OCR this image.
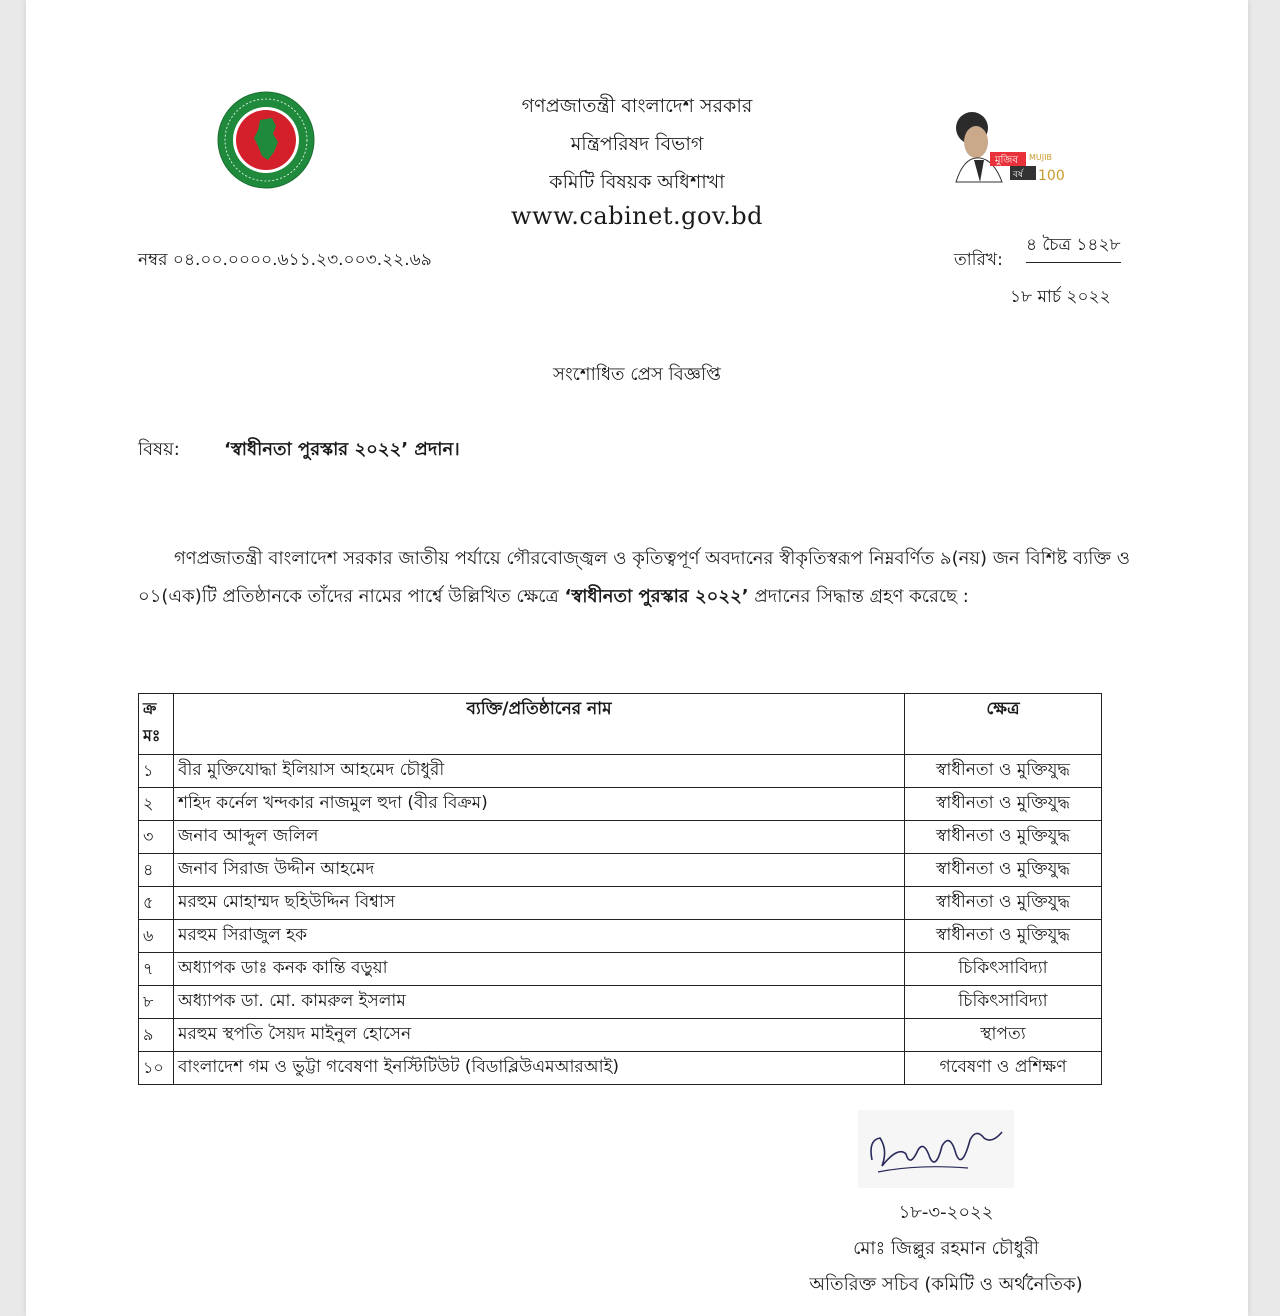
গণপ্রজাতন্ত্রী বাংলাদেশ সরকার
মন্ত্রিপরিষদ বিভাগ
কমিটি বিষয়ক অধিশাখা
www.cabinet.gov.bd
মুজিব MUJIB
বর্ষ 100
নম্বর ০৪.০০.০০০০.৬১১.২৩.০০৩.২২.৬৯	তারিখ:
৪ চৈত্র ১৪২৮
১৮ মার্চ ২০২২
সংশোধিত প্রেস বিজ্ঞপ্তি
বিষয়: ‘স্বাধীনতা পুরস্কার ২০২২’ প্রদান।
গণপ্রজাতন্ত্রী বাংলাদেশ সরকার জাতীয় পর্যায়ে গৌরবোজ্জ্বল ও কৃতিত্বপূর্ণ অবদানের স্বীকৃতিস্বরূপ নিম্নবর্ণিত ৯(নয়) জন বিশিষ্ট ব্যক্তি ও ০১(এক)টি প্রতিষ্ঠানকে তাঁদের নামের পার্শ্বে উল্লিখিত ক্ষেত্রে ‘স্বাধীনতা পুরস্কার ২০২২’ প্রদানের সিদ্ধান্ত গ্রহণ করেছে :
ক্র মঃ	ব্যক্তি/প্রতিষ্ঠানের নাম	ক্ষেত্র
১	বীর মুক্তিযোদ্ধা ইলিয়াস আহমেদ চৌধুরী	স্বাধীনতা ও মুক্তিযুদ্ধ
২	শহিদ কর্নেল খন্দকার নাজমুল হুদা (বীর বিক্রম)	স্বাধীনতা ও মুক্তিযুদ্ধ
৩	জনাব আব্দুল জলিল	স্বাধীনতা ও মুক্তিযুদ্ধ
৪	জনাব সিরাজ উদ্দীন আহমেদ	স্বাধীনতা ও মুক্তিযুদ্ধ
৫	মরহুম মোহাম্মদ ছহিউদ্দিন বিশ্বাস	স্বাধীনতা ও মুক্তিযুদ্ধ
৬	মরহুম সিরাজুল হক	স্বাধীনতা ও মুক্তিযুদ্ধ
৭	অধ্যাপক ডাঃ কনক কান্তি বড়ুয়া	চিকিৎসাবিদ্যা
৮	অধ্যাপক ডা. মো. কামরুল ইসলাম	চিকিৎসাবিদ্যা
৯	মরহুম স্থপতি সৈয়দ মাইনুল হোসেন	স্থাপত্য
১০	বাংলাদেশ গম ও ভুট্টা গবেষণা ইনস্টিটিউট (বিডাব্লিউএমআরআই)	গবেষণা ও প্রশিক্ষণ
১৮-৩-২০২২
মোঃ জিল্লুর রহমান চৌধুরী
অতিরিক্ত সচিব (কমিটি ও অর্থনৈতিক)
